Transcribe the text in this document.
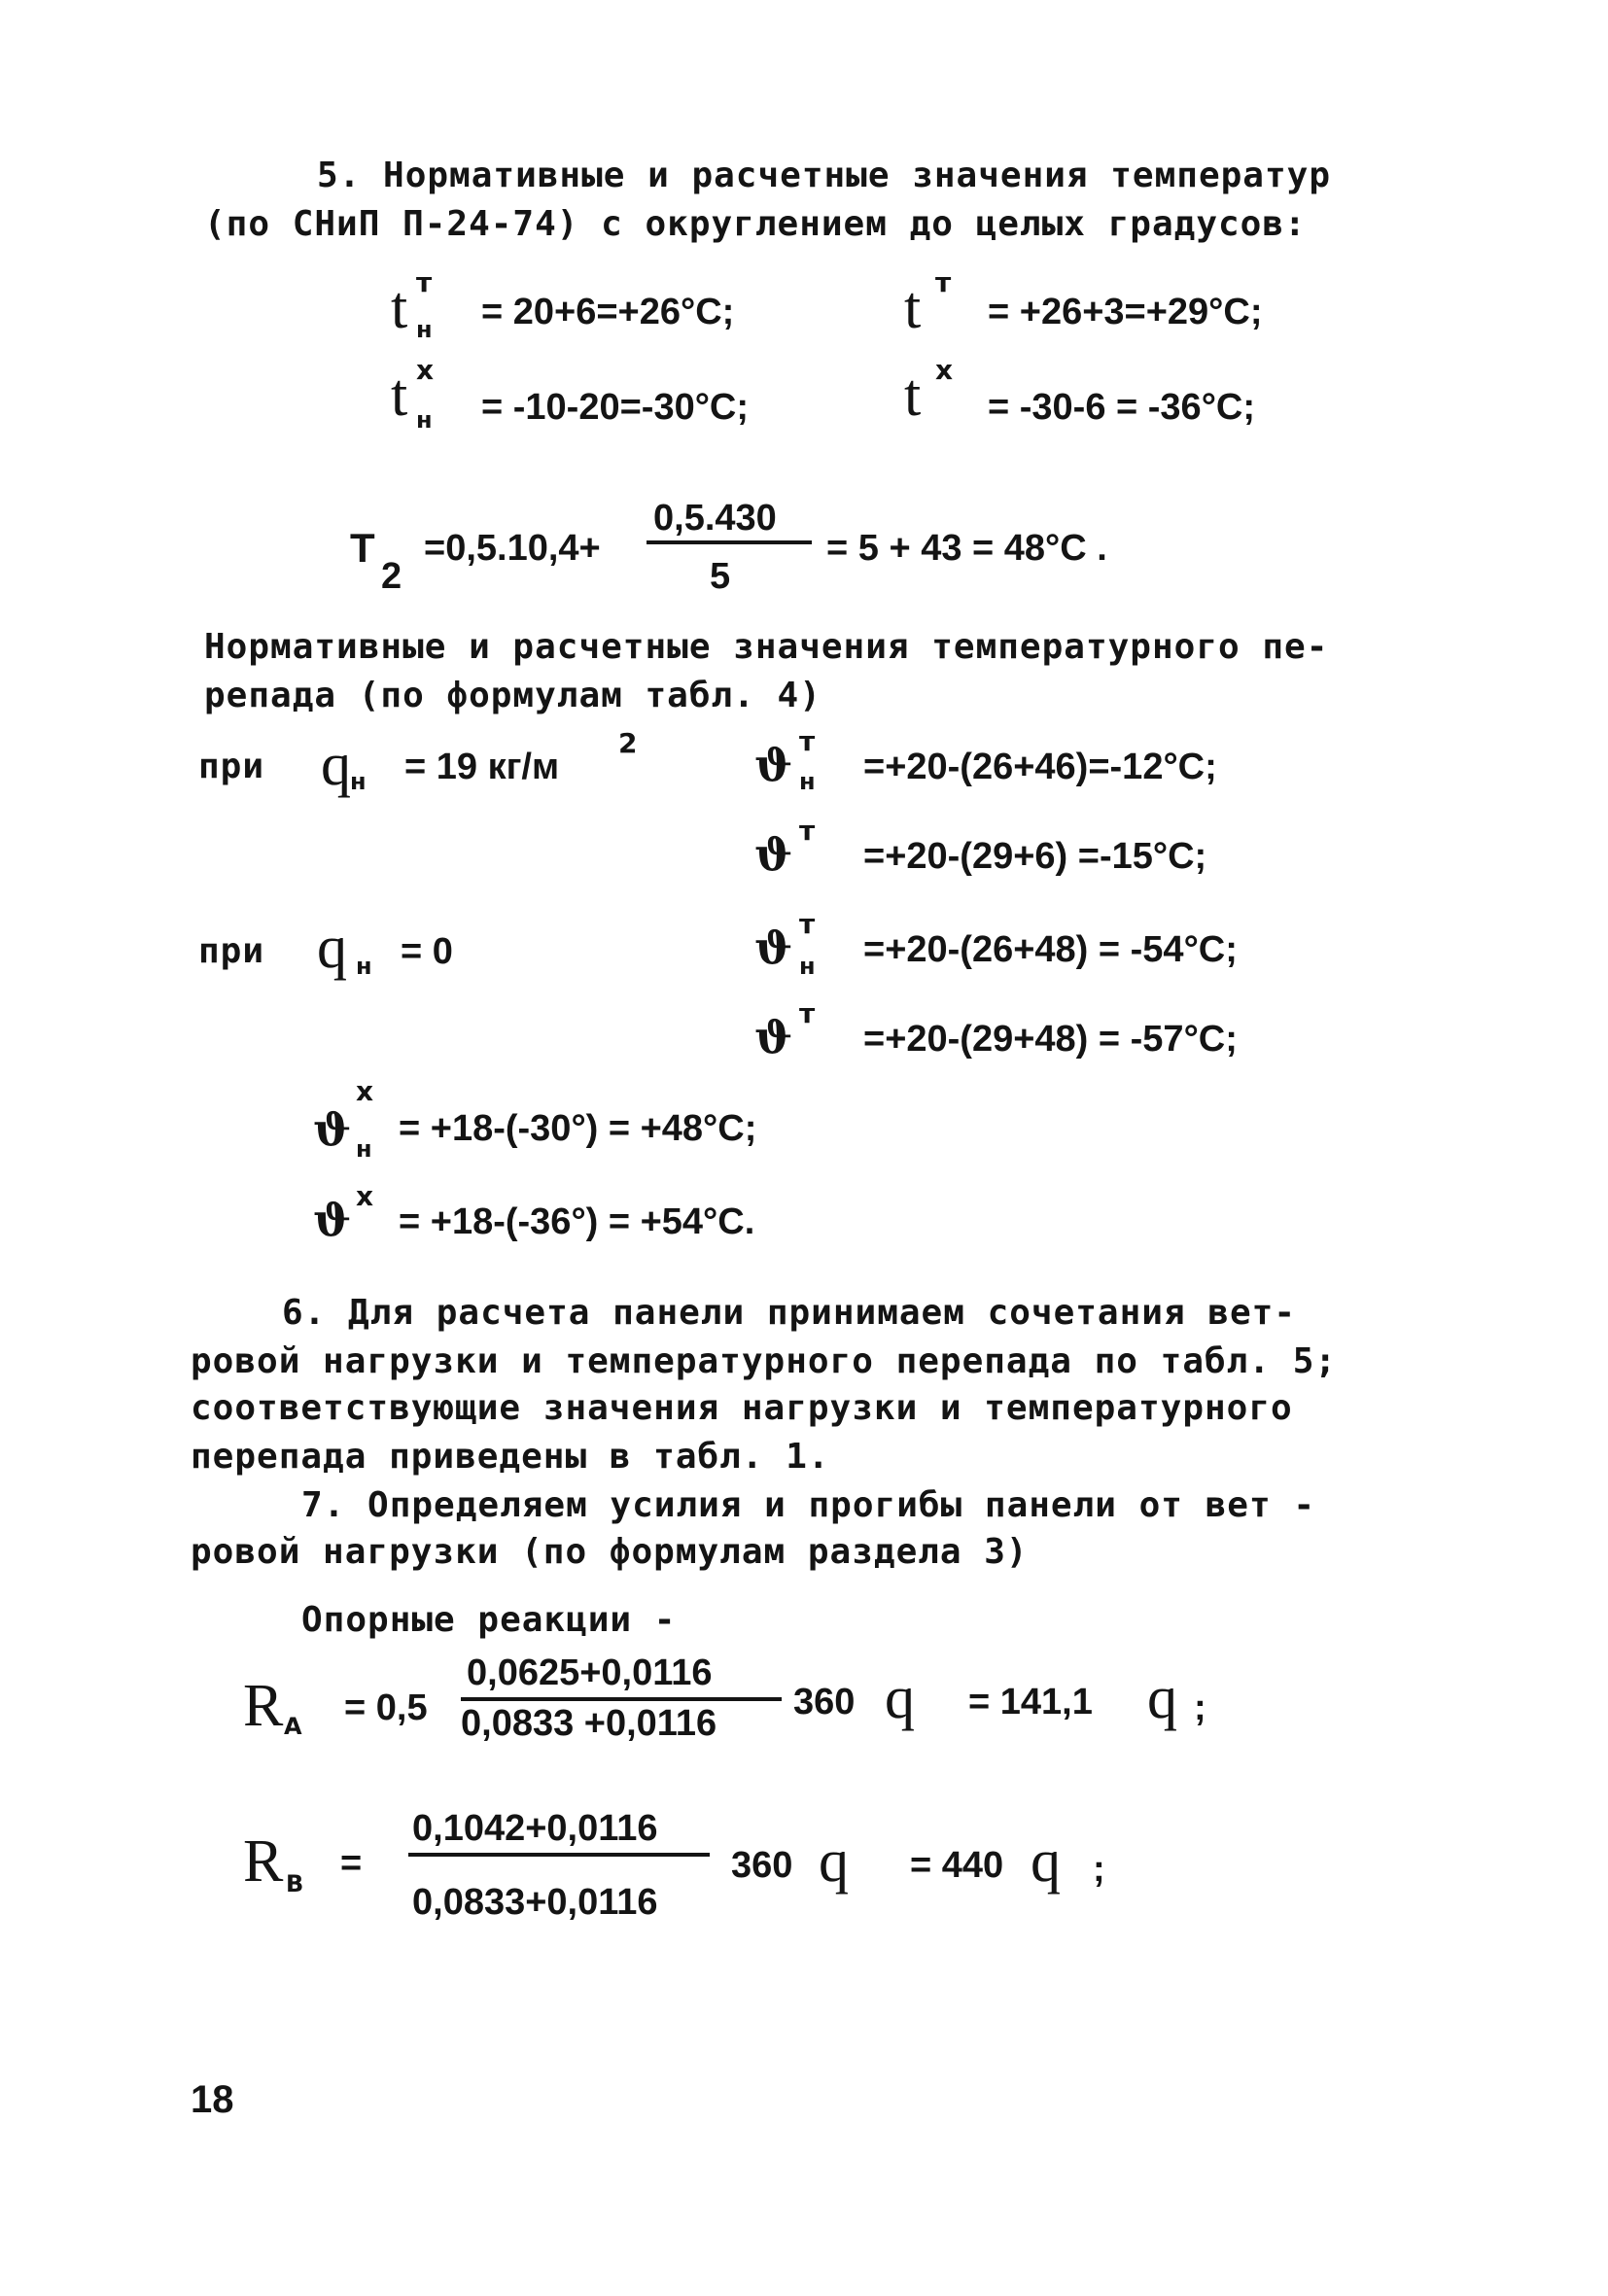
5. Нормативные и расчетные значения температур
(по СНиП П-24-74) с округлением до целых градусов:
t т
н = 20+6=+26°C;	t т
= +26+3=+29°C;
t х
н = -10-20=-30°C;	t х
= -30-6 = -36°C;
T
2
=0,5.10,4+
0,5.430
5
= 5 + 43 = 48°C .
Нормативные и расчетные значения температурного пе-
репада (по формулам табл. 4)
при q н = 19 кг/м
2	ϑ т
н =+20-(26+46)=-12°C;
ϑ т
=+20-(29+6) =-15°C;
при q н = 0	ϑ т
н =+20-(26+48) = -54°C;
ϑ т
=+20-(29+48) = -57°C;
ϑ
х
н = +18-(-30°) = +48°C;
ϑ х
= +18-(-36°) = +54°C.
6. Для расчета панели принимаем сочетания вет-
ровой нагрузки и температурного перепада по табл. 5;
соответствующие значения нагрузки и температурного
перепада приведены в табл. 1.
7. Определяем усилия и прогибы панели от вет -
ровой нагрузки (по формулам раздела 3)
Опорные реакции -
R A = 0,5
0,0625+0,0116
0,0833 +0,0116
360 q = 141,1 q ;
R B =
0,1042+0,0116
0,0833+0,0116
360 q = 440 q ;
18
